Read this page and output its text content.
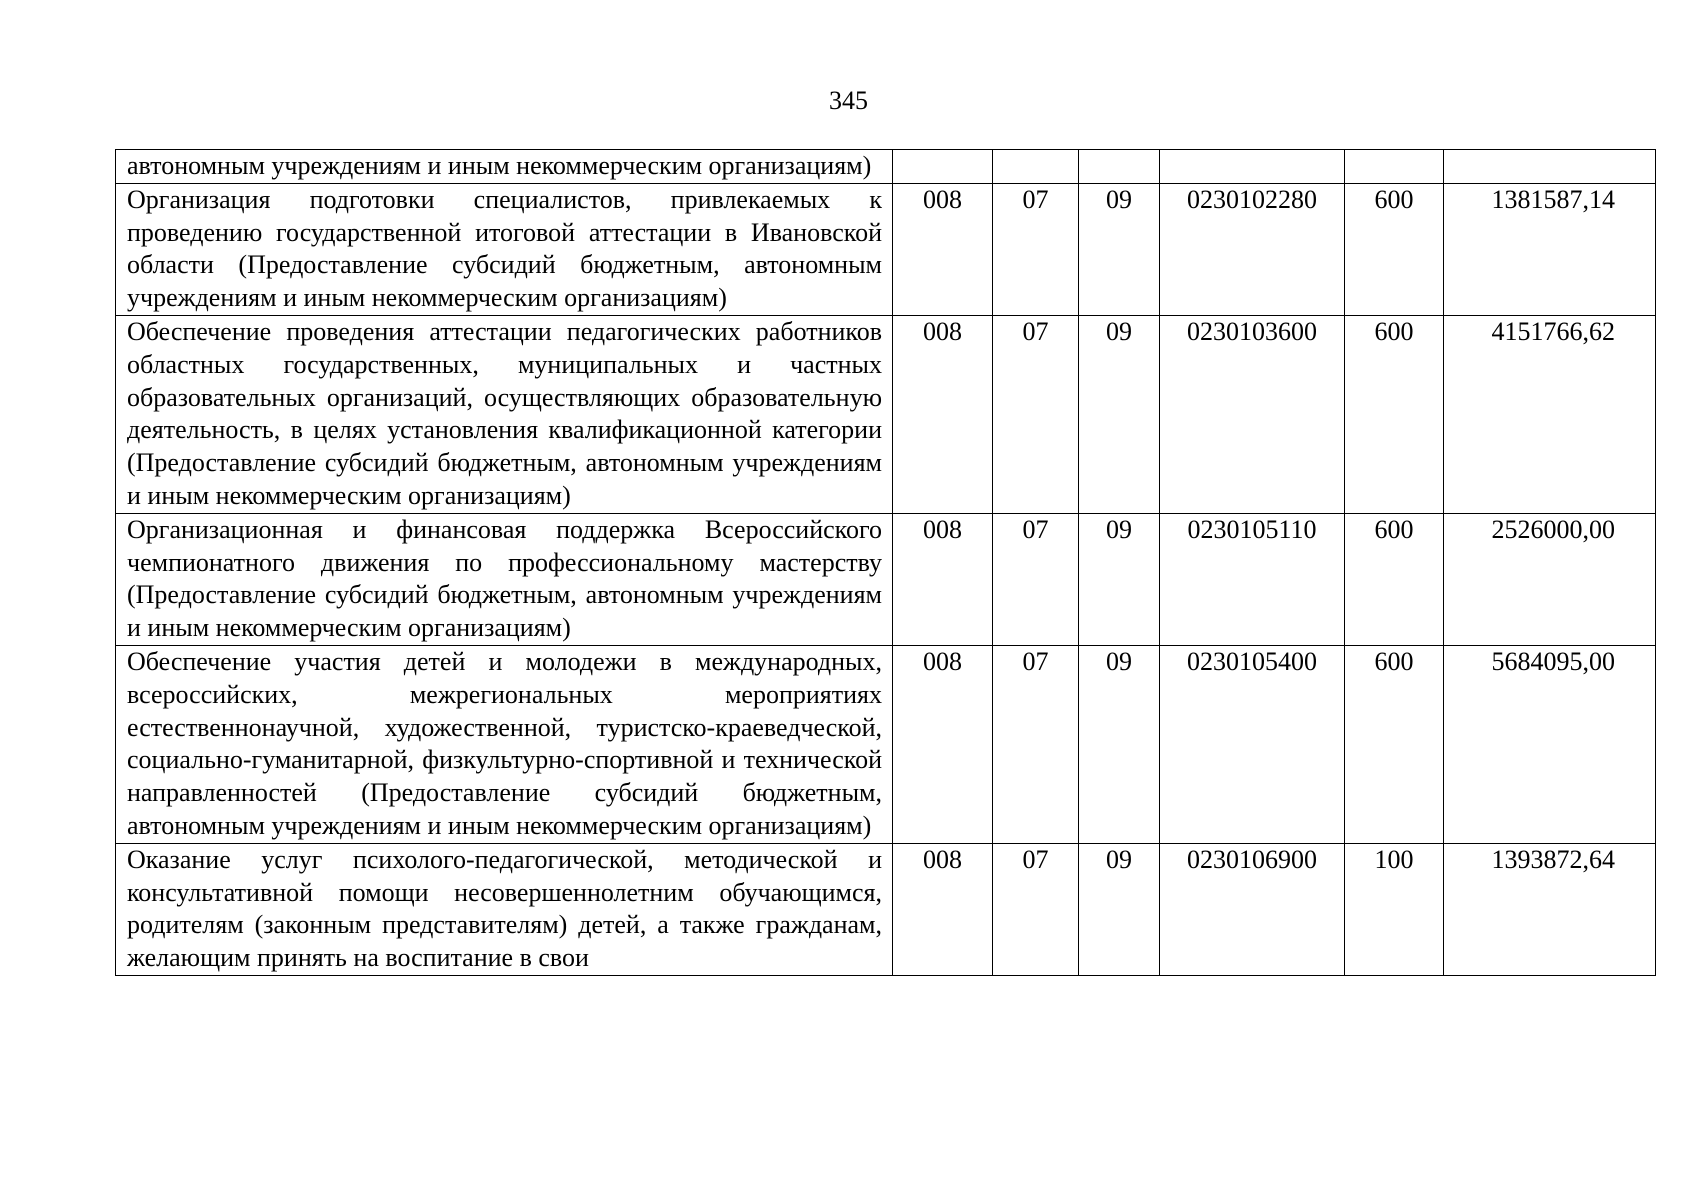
345
автономным учреждениям и иным некоммерческим организациям)						
Организация подготовки специалистов, привлекаемых к проведению государственной итоговой аттестации в Ивановской области (Предоставление субсидий бюджетным, автономным учреждениям и иным некоммерческим организациям)	008	07	09	0230102280	600	1381587,14
Обеспечение проведения аттестации педагогических работников областных государственных, муниципальных и частных образовательных организаций, осуществляющих образовательную деятельность, в целях установления квалификационной категории (Предоставление субсидий бюджетным, автономным учреждениям и иным некоммерческим организациям)	008	07	09	0230103600	600	4151766,62
Организационная и финансовая поддержка Всероссийского чемпионатного движения по профессиональному мастерству (Предоставление субсидий бюджетным, автономным учреждениям и иным некоммерческим организациям)	008	07	09	0230105110	600	2526000,00
Обеспечение участия детей и молодежи в международных, всероссийских, межрегиональных мероприятиях естественнонаучной, художественной, туристско-краеведческой, социально-гуманитарной, физкультурно-спортивной и технической направленностей (Предоставление субсидий бюджетным, автономным учреждениям и иным некоммерческим организациям)	008	07	09	0230105400	600	5684095,00
Оказание услуг психолого-педагогической, методической и консультативной помощи несовершеннолетним обучающимся, родителям (законным представителям) детей, а также гражданам, желающим принять на воспитание в свои	008	07	09	0230106900	100	1393872,64
